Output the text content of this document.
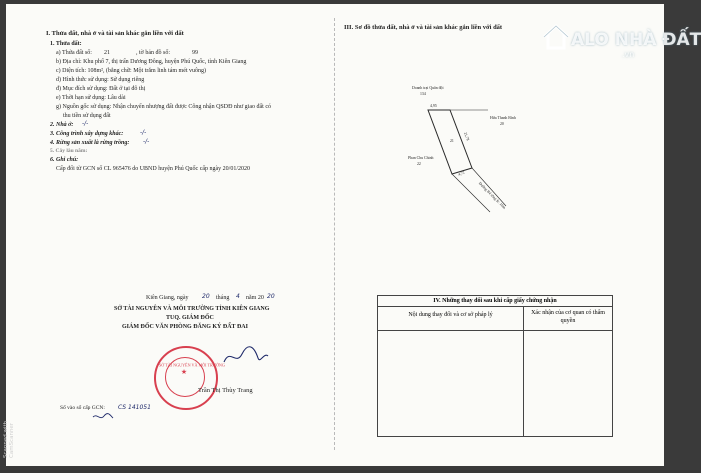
I. Thửa đất, nhà ở và tài sản khác gắn liền với đất
1. Thửa đất:
a) Thửa đất số: 21	, tờ bản đồ số:	99
b) Địa chỉ: Khu phố 7, thị trấn Dương Đông, huyện Phú Quốc, tỉnh Kiên Giang
c) Diện tích: 108m², (bằng chữ: Một trăm linh tám mét vuông)
d) Hình thức sử dụng: Sử dụng riêng
đ) Mục đích sử dụng: Đất ở tại đô thị
e) Thời hạn sử dụng: Lâu dài
g) Nguồn gốc sử dụng: Nhận chuyển nhượng đất được Công nhận QSDĐ như giao đất có
thu tiền sử dụng đất
2. Nhà ở: -/-
3. Công trình xây dựng khác:	-/-
4. Rừng sản xuất là rừng trồng: -/-
5. Cây lâu năm:
6. Ghi chú:
Cấp đổi từ GCN số CL 965476 do UBND huyện Phú Quốc cấp ngày 20/01/2020
Kiên Giang, ngày 20 tháng 4 năm 20 20
SỞ TÀI NGUYÊN VÀ MÔI TRƯỜNG TỈNH KIÊN GIANG
TUQ. GIÁM ĐỐC
GIÁM ĐỐC VĂN PHÒNG ĐĂNG KÝ ĐẤT ĐAI
★
SỞ TÀI NGUYÊN VÀ MÔI TRƯỜNG
Trần Thị Thùy Trang
Số vào sổ cấp GCN: CS 141051
III. Sơ đồ thửa đất, nhà ở và tài sản khác gắn liền với đất
Doanh trại Quân đội
134
Hứa Thanh Bình
20
Phan Chu Chinh
22
4,95
21,78
4,72
21
Đường Bê tông R: 10m
IV. Những thay đổi sau khi cấp giấy chứng nhận
Nội dung thay đổi và cơ sở pháp lý	Xác nhận của cơ quan có thẩm quyền
ALO NHÀ ĐẤT
.vn
Scanned with CamScanner
